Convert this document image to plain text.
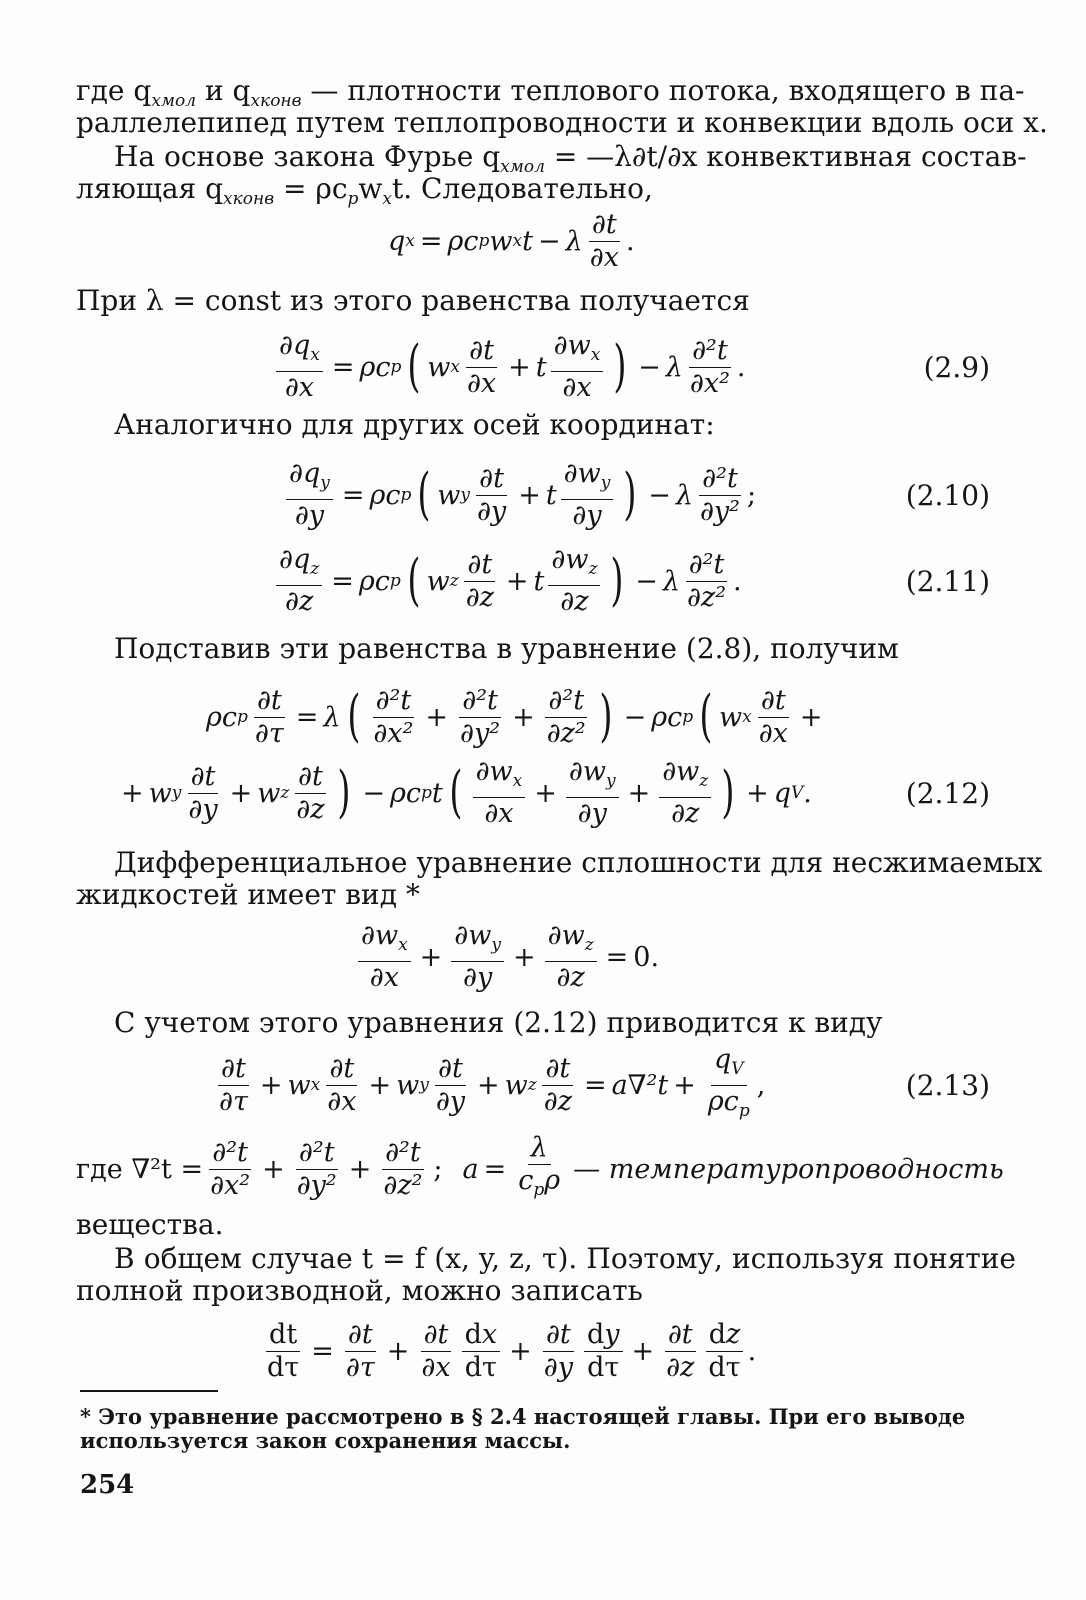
где $q_{xмол}$ и $q_{xконв}$ — плотности теплового потока, входящего в па-
раллелепипед путем теплопроводности и конвекции вдоль оси x.
На основе закона Фурье $q_{xмол}$ = —λ∂t/∂x конвективная состав-
ляющая $q_{xконв} = \rho c_pw_xt$. Следовательно,
q x = ρc p w x t − λ $\frac{\partial t}{\partial x}$ .
При λ = const из этого равенства получается
$\frac{\partial q_x}{\partial x} = \rho c$ p ( w x
∂t
∂x
+ t $\frac{\partial w_x}{\partial x}$ ) − λ $\frac{\text{∂²t}}{\text{∂x²}}$ .	(2.9)
Аналогично для других осей координат:
$\frac{\partial q_y}{\partial y} = \rho c$ p ( w y
∂t
∂y
+ t $\frac{\partial w_y}{\partial y}$ ) − λ $\frac{\text{∂²t}}{\text{∂y²}}$ ;	(2.10)
$\frac{\partial q_z}{\partial z} = \rho c$ p ( w z
∂t
∂z
+ t $\frac{\partial w_z}{\partial z}$ ) − λ $\frac{\text{∂²t}}{\text{∂z²}}$ .	(2.11)
Подставив эти равенства в уравнение (2.8), получим
ρc p $\frac{\partial t}{\partial\tau} = \lambda$ ( ∂²t
∂x²
+ $\frac{\text{∂²t}}{\text{∂y²}} + \frac{\text{∂²t}}{\text{∂z²}}$ ) − ρc p ( w x
∂t
∂x
+
+ w y
∂t
∂y
+ w z
∂t
∂z ) − ρc p t ( $\partial w_x$
∂x
+ $\frac{\partial w_y}{\partial y} + \frac{\partial w_z}{\partial z}$ ) + q V .	(2.12)
Дифференциальное уравнение сплошности для несжимаемых
жидкостей имеет вид *
$\partial w_x$
∂x
+ $\frac{\partial w_y}{\partial y} + \frac{\partial w_z}{\partial z} = 0$.
С учетом этого уравнения (2.12) приводится к виду
∂t
∂τ
+ w x
∂t
∂x
+ w y
∂t
∂y
+ w z $\frac{\partial t}{\partial z} = a\nabla^2t$ +
$q_V$
$\rho c_p$
,	(2.13)
где $\nabla^2t = \frac{\text{∂²t}}{\text{∂x²}} + \frac{\text{∂²t}}{\text{∂y²}} + \frac{\text{∂²t}}{\text{∂z²}}$ ; a =
λ
$c_p\rho$ — температуропроводность
вещества.
В общем случае t = f (x, y, z, τ). Поэтому, используя понятие
полной производной, можно записать
$\frac{dt}{d\tau} = \frac{\partial t}{\partial\tau} + \frac{\partial t}{\partial x}$ dx
dτ
+ $\frac{\partial t}{\partial y}$ dy
dτ
+ $\frac{\partial t}{\partial z}$ dz
dτ
.
* Это уравнение рассмотрено в § 2.4 настоящей главы. При его выводе
используется закон сохранения массы.
254
